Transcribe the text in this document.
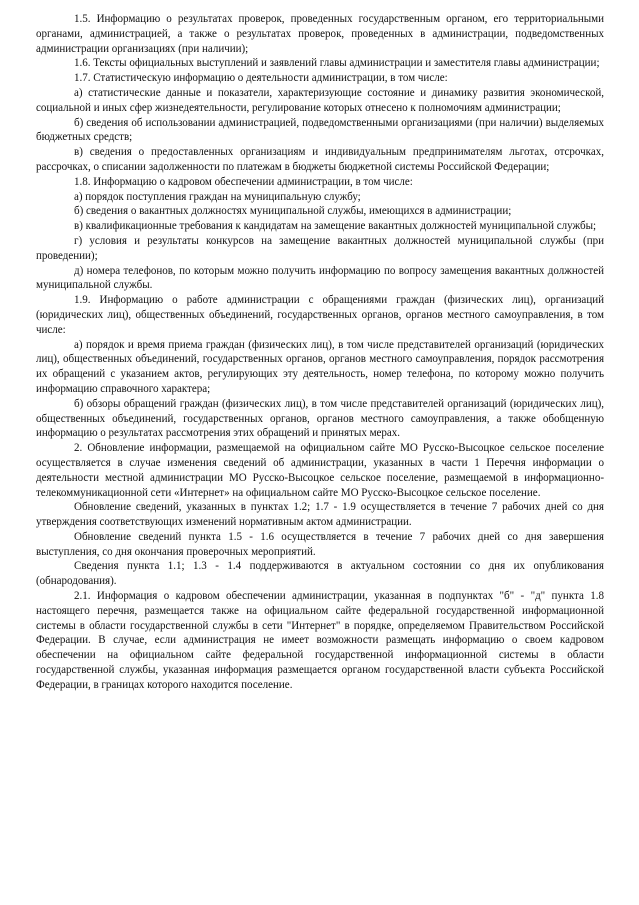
1.5. Информацию о результатах проверок, проведенных государственным органом, его территориальными органами, администрацией, а также о результатах проверок, проведенных в администрации, подведомственных администрации организациях (при наличии);

1.6. Тексты официальных выступлений и заявлений главы администрации и заместителя главы администрации;

1.7. Статистическую информацию о деятельности администрации, в том числе:

а) статистические данные и показатели, характеризующие состояние и динамику развития экономической, социальной и иных сфер жизнедеятельности, регулирование которых отнесено к полномочиям администрации;

б) сведения об использовании администрацией, подведомственными организациями (при наличии) выделяемых бюджетных средств;

в) сведения о предоставленных организациям и индивидуальным предпринимателям льготах, отсрочках, рассрочках, о списании задолженности по платежам в бюджеты бюджетной системы Российской Федерации;

1.8. Информацию о кадровом обеспечении администрации, в том числе:

а) порядок поступления граждан на муниципальную службу;

б) сведения о вакантных должностях муниципальной службы, имеющихся в администрации;

в) квалификационные требования к кандидатам на замещение вакантных должностей муниципальной службы;

г) условия и результаты конкурсов на замещение вакантных должностей муниципальной службы (при проведении);

д) номера телефонов, по которым можно получить информацию по вопросу замещения вакантных должностей муниципальной службы.

1.9. Информацию о работе администрации с обращениями граждан (физических лиц), организаций (юридических лиц), общественных объединений, государственных органов, органов местного самоуправления, в том числе:

а) порядок и время приема граждан (физических лиц), в том числе представителей организаций (юридических лиц), общественных объединений, государственных органов, органов местного самоуправления, порядок рассмотрения их обращений с указанием актов, регулирующих эту деятельность, номер телефона, по которому можно получить информацию справочного характера;

б) обзоры обращений граждан (физических лиц), в том числе представителей организаций (юридических лиц), общественных объединений, государственных органов, органов местного самоуправления, а также обобщенную информацию о результатах рассмотрения этих обращений и принятых мерах.

2. Обновление информации, размещаемой на официальном сайте МО Русско-Высоцкое сельское поселение осуществляется в случае изменения сведений об администрации, указанных в части 1 Перечня информации о деятельности местной администрации МО Русско-Высоцкое сельское поселение, размещаемой в информационно-телекоммуникационной сети «Интернет» на официальном сайте МО Русско-Высоцкое сельское поселение.

Обновление сведений, указанных в пунктах 1.2; 1.7 - 1.9 осуществляется в течение 7 рабочих дней со дня утверждения соответствующих изменений нормативным актом администрации.

Обновление сведений пункта 1.5 - 1.6 осуществляется в течение 7 рабочих дней со дня завершения выступления, со дня окончания проверочных мероприятий.

Сведения пункта 1.1; 1.3 - 1.4 поддерживаются в актуальном состоянии со дня их опубликования (обнародования).

2.1. Информация о кадровом обеспечении администрации, указанная в подпунктах "б" - "д" пункта 1.8 настоящего перечня, размещается также на официальном сайте федеральной государственной информационной системы в области государственной службы в сети "Интернет" в порядке, определяемом Правительством Российской Федерации. В случае, если администрация не имеет возможности размещать информацию о своем кадровом обеспечении на официальном сайте федеральной государственной информационной системы в области государственной службы, указанная информация размещается органом государственной власти субъекта Российской Федерации, в границах которого находится поселение.
